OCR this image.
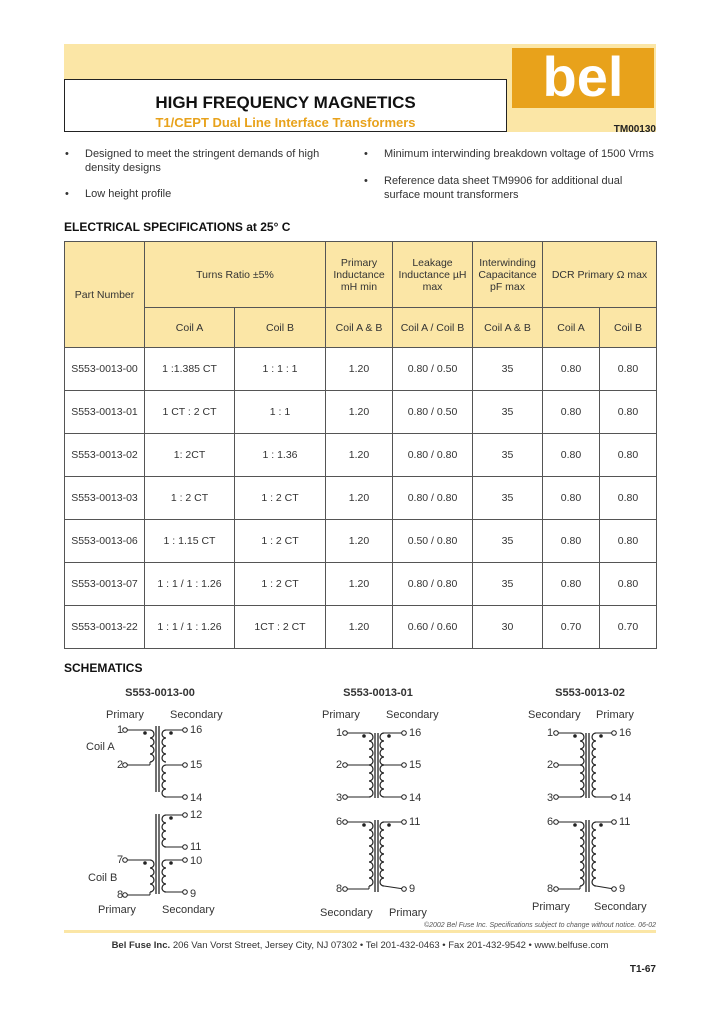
bel
HIGH FREQUENCY MAGNETICS
T1/CEPT Dual Line Interface Transformers	TM00130
• Designed to meet the stringent demands of high density designs
• Low height profile
• Minimum interwinding breakdown voltage of 1500 Vrms
• Reference data sheet TM9906 for additional dual surface mount transformers
ELECTRICAL SPECIFICATIONS at 25° C
Part Number	Turns Ratio ±5%		Primary Inductance mH min	Leakage Inductance µH max	Interwinding Capacitance pF max	DCR Primary Ω max	
	Coil A	Coil B	Coil A & B	Coil A / Coil B	Coil A & B	Coil A	Coil B
S553-0013-00	1 :1.385 CT	1 : 1 : 1	1.20	0.80 / 0.50	35	0.80	0.80
S553-0013-01	1 CT : 2 CT	1 : 1	1.20	0.80 / 0.50	35	0.80	0.80
S553-0013-02	1: 2CT	1 : 1.36	1.20	0.80 / 0.80	35	0.80	0.80
S553-0013-03	1 : 2 CT	1 : 2 CT	1.20	0.80 / 0.80	35	0.80	0.80
S553-0013-06	1 : 1.15 CT	1 : 2 CT	1.20	0.50 / 0.80	35	0.80	0.80
S553-0013-07	1 : 1 / 1 : 1.26	1 : 2 CT	1.20	0.80 / 0.80	35	0.80	0.80
S553-0013-22	1 : 1 / 1 : 1.26	1CT : 2 CT	1.20	0.60 / 0.60	30	0.70	0.70
SCHEMATICS
S553-0013-00
Primary Secondary
Coil A
Coil B
Primary Secondary
1
2
16
15
14
7
8
12
11
10
9
S553-0013-01
Primary Secondary
Secondary Primary
1
2
3
16
15
14
6
8
11
9
S553-0013-02
Secondary Primary
Primary Secondary
1
2
3
16
14
6
8
11
9
©2002 Bel Fuse Inc. Specifications subject to change without notice. 06-02
Bel Fuse Inc. 206 Van Vorst Street, Jersey City, NJ 07302 • Tel 201-432-0463 • Fax 201-432-9542 • www.belfuse.com
T1-67
